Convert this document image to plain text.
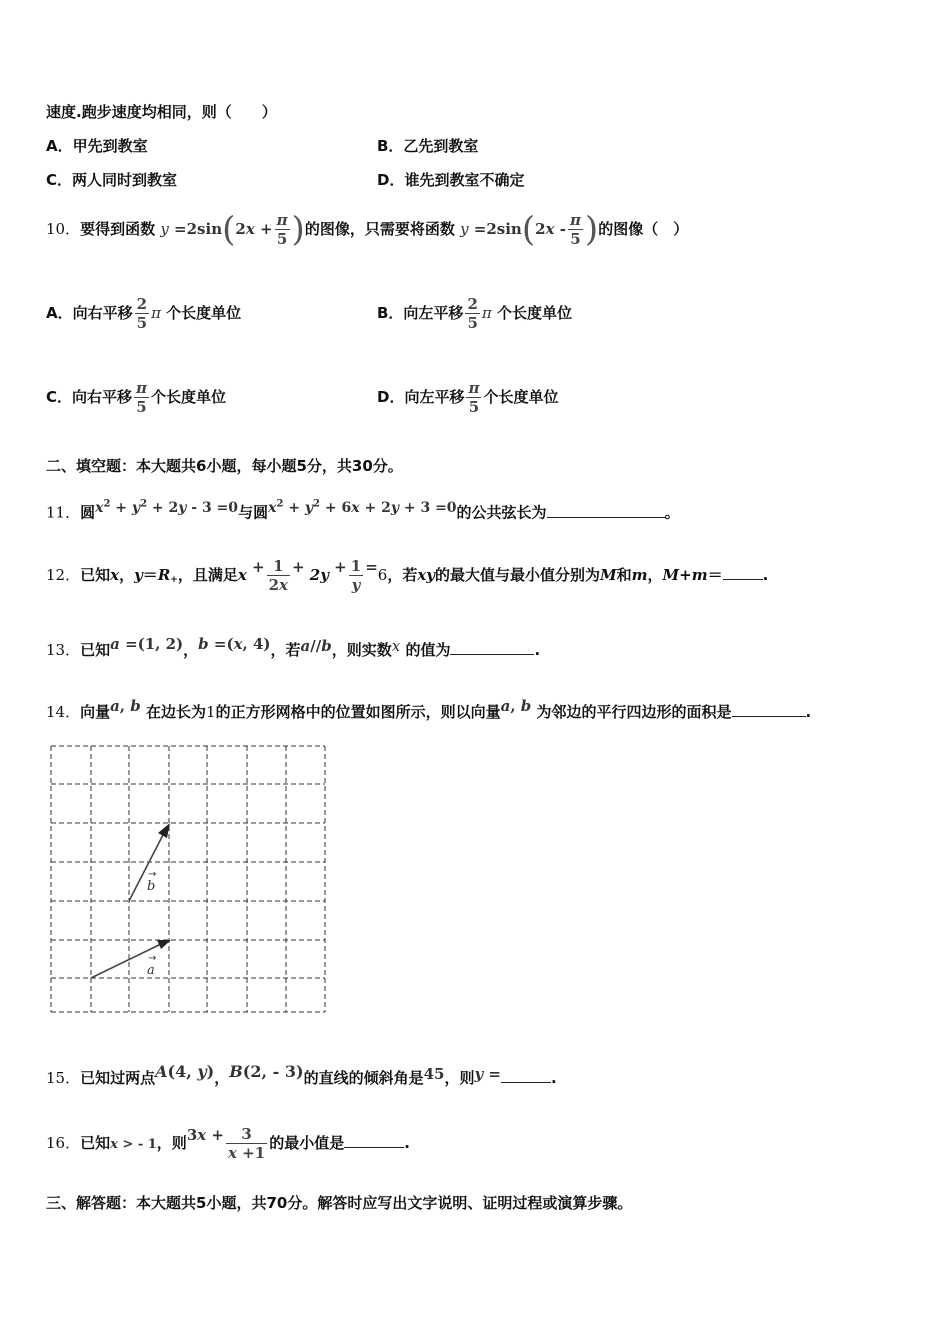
速度.跑步速度均相同，则（　　）
A．甲先到教室	B．乙先到教室
C．两人同时到教室	D．谁先到教室不确定
10．要得到函数 $y =2\sin(2x + \frac{\pi}{5}$ )的图像，只需要将函数 $y =2\sin(2x - \frac{\pi}{5}$ )的图像（　）
A．向右平移 $\frac{2}{5}$ π 个长度单位	B．向左平移 $\frac{2}{5}$ π 个长度单位
C．向右平移 $\frac{\pi}{5}$ 个长度单位	D．向左平移 $\frac{\pi}{5}$ 个长度单位
二、填空题：本大题共6小题，每小题5分，共30分。
11．圆$x^2 + y^2 + 2y - 3 =0$与圆$x^2 + y^2 + 6x + 2y + 3 =0$的公共弦长为	。
12．已知x，y＝R+，且满足$x + \frac{1}{2x} + 2y + \frac{1}{y} =6$，若xy的最大值与最小值分别为M和m，M+m＝	.
13．已知a =(1, 2)，b =(x, 4)，若a//b，则实数x 的值为	.
14．向量a, b 在边长为1的正方形网格中的位置如图所示，则以向量a, b 为邻边的平行四边形的面积是	.
b
→
a
→
15．已知过两点A(4, y)，B(2, - 3)的直线的倾斜角是45，则y =	.
16．已知x > - 1，则$3x + \frac{3}{x +1}$ 的最小值是	.
三、解答题：本大题共5小题，共70分。解答时应写出文字说明、证明过程或演算步骤。
